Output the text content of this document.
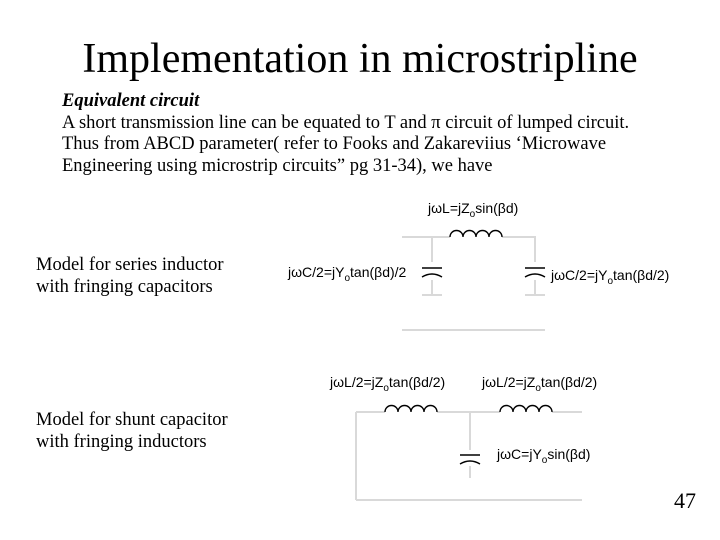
Implementation in microstripline
Equivalent circuit
A short transmission line can be equated to T and π circuit of lumped circuit.
Thus from ABCD parameter( refer to Fooks and Zakareviius ‘Microwave
Engineering using microstrip circuits” pg 31-34), we have
Model for series inductor
with fringing capacitors
Model for shunt capacitor
with fringing inductors
47
$j\omega L=jZ_o\sin(\beta d)$
jωC/$2=jY_o\tan(\beta d)/2$	jωC/$2=jY_o\tan(\beta d/2)$
jωL/$2=jZ_o\tan(\beta d/2)$	jωL/$2=jZ_o\tan(\beta d/2)$
$j\omega C=jY_o\sin(\beta d)$
